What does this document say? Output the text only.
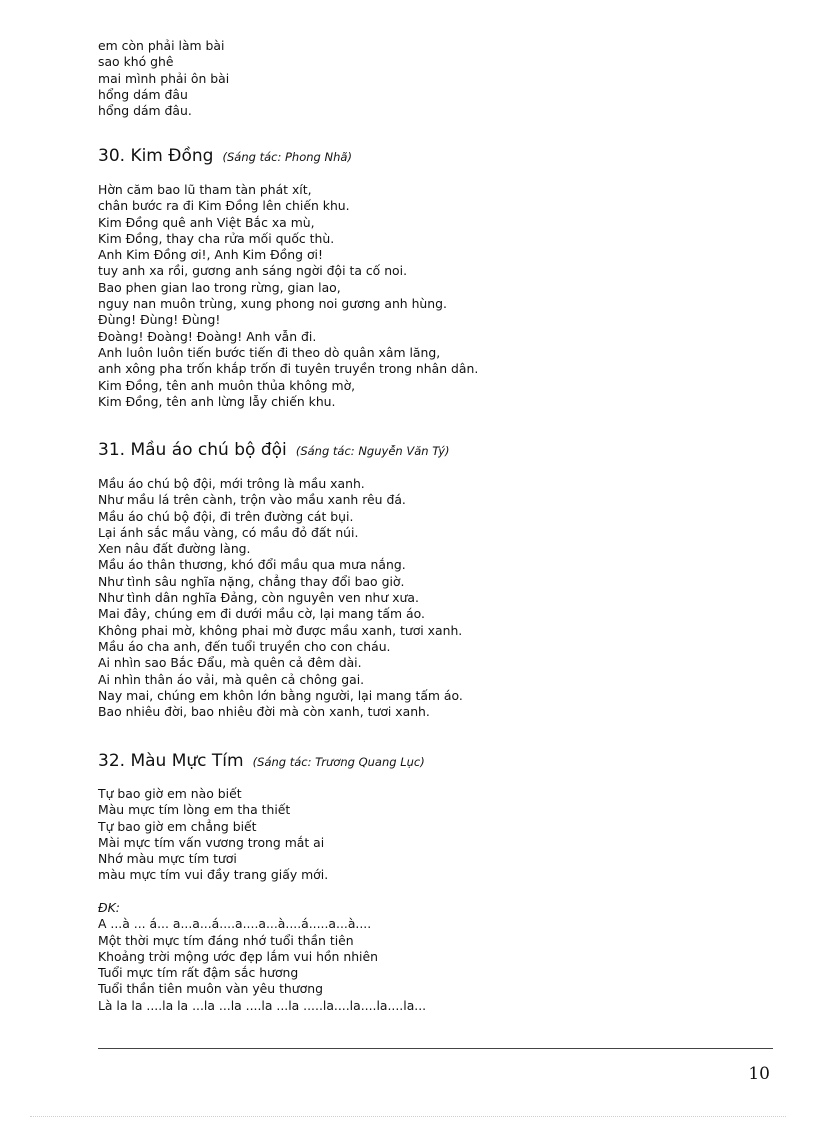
em còn phải làm bài
sao khó ghê
mai mình phải ôn bài
hổng dám đâu
hổng dám đâu.
30. Kim Đồng (Sáng tác: Phong Nhã)
Hờn căm bao lũ tham tàn phát xít,
chân bước ra đi Kim Đồng lên chiến khu.
Kim Đồng quê anh Việt Bắc xa mù,
Kim Đồng, thay cha rửa mối quốc thù.
Anh Kim Đồng ơi!, Anh Kim Đồng ơi!
tuy anh xa rồi, gương anh sáng ngời đội ta cố noi.
Bao phen gian lao trong rừng, gian lao,
nguy nan muôn trùng, xung phong noi gương anh hùng.
Đùng! Đùng! Đùng!
Đoàng! Đoàng! Đoàng! Anh vẫn đi.
Anh luôn luôn tiến bước tiến đi theo dò quân xâm lăng,
anh xông pha trốn khắp trốn đi tuyên truyền trong nhân dân.
Kim Đồng, tên anh muôn thủa không mờ,
Kim Đồng, tên anh lừng lẫy chiến khu.
31. Mầu áo chú bộ đội (Sáng tác: Nguyễn Văn Tý)
Mầu áo chú bộ đội, mới trông là mầu xanh.
Như mầu lá trên cành, trộn vào mầu xanh rêu đá.
Mầu áo chú bộ đội, đi trên đường cát bụi.
Lại ánh sắc mầu vàng, có mầu đỏ đất núi.
Xen nâu đất đường làng.
Mầu áo thân thương, khó đổi mầu qua mưa nắng.
Như tình sâu nghĩa nặng, chẳng thay đổi bao giờ.
Như tình dân nghĩa Đảng, còn nguyên ven như xưa.
Mai đây, chúng em đi dưới mầu cờ, lại mang tấm áo.
Không phai mờ, không phai mờ được mầu xanh, tươi xanh.
Mầu áo cha anh, đến tuổi truyền cho con cháu.
Ai nhìn sao Bắc Đẩu, mà quên cả đêm dài.
Ai nhìn thân áo vải, mà quên cả chông gai.
Nay mai, chúng em khôn lớn bằng người, lại mang tấm áo.
Bao nhiêu đời, bao nhiêu đời mà còn xanh, tươi xanh.
32. Màu Mực Tím (Sáng tác: Trương Quang Lục)
Tự bao giờ em nào biết
Màu mực tím lòng em tha thiết
Tự bao giờ em chẳng biết
Mài mực tím vấn vương trong mắt ai
Nhớ màu mực tím tươi
màu mực tím vui đầy trang giấy mới.
ĐK:
A ...à ... á... a...a...á....a....a...à....á.....a...à....
Một thời mực tím đáng nhớ tuổi thần tiên
Khoảng trời mộng ước đẹp lắm vui hồn nhiên
Tuổi mực tím rất đậm sắc hương
Tuổi thần tiên muôn vàn yêu thương
Là la la ....la la ...la ...la ....la ...la .....la....la....la....la...
10
